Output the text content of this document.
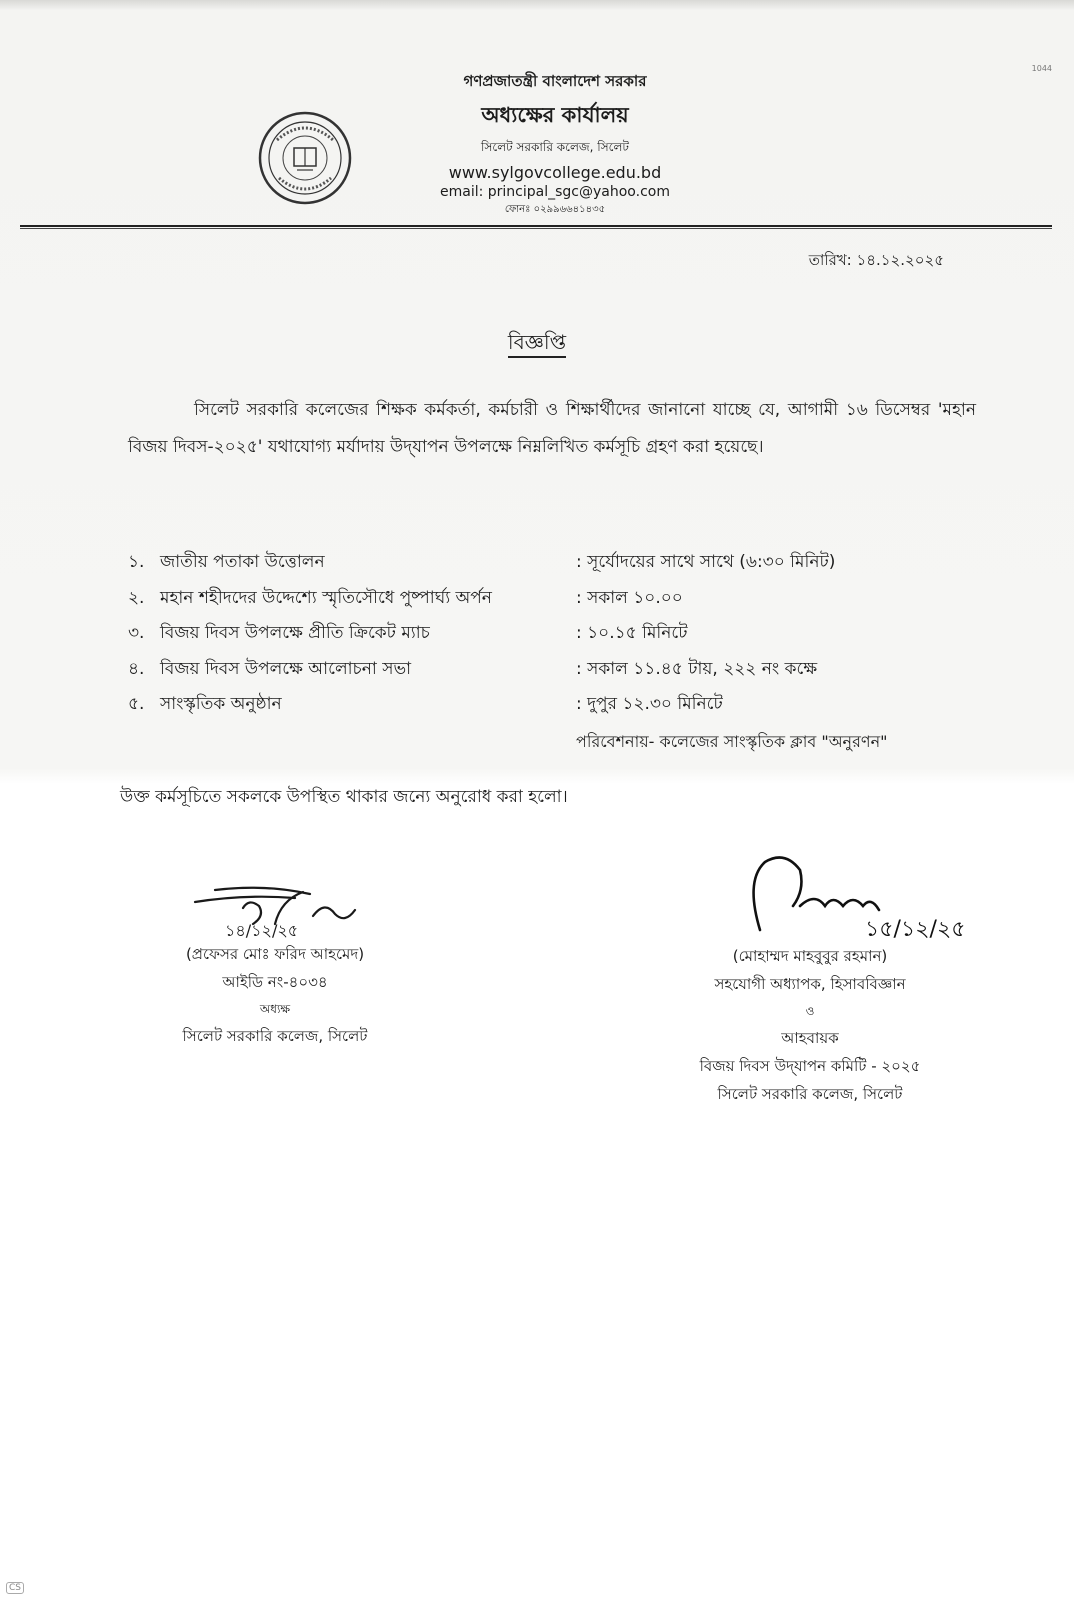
1044
গণপ্রজাতন্ত্রী বাংলাদেশ সরকার
অধ্যক্ষের কার্যালয়
সিলেট সরকারি কলেজ, সিলেট
www.sylgovcollege.edu.bd
email: principal_sgc@yahoo.com
ফোনঃ ০২৯৯৬৬৪১৪৩৫
তারিখ: ১৪.১২.২০২৫
বিজ্ঞপ্তি
সিলেট সরকারি কলেজের শিক্ষক কর্মকর্তা, কর্মচারী ও শিক্ষার্থীদের জানানো যাচ্ছে যে, আগামী ১৬ ডিসেম্বর 'মহান বিজয় দিবস-২০২৫' যথাযোগ্য মর্যাদায় উদ্‌যাপন উপলক্ষে নিম্নলিখিত কর্মসূচি গ্রহণ করা হয়েছে।
১. জাতীয় পতাকা উত্তোলন	: সূর্যোদয়ের সাথে সাথে (৬:৩০ মিনিট)
২. মহান শহীদদের উদ্দেশ্যে স্মৃতিসৌধে পুষ্পার্ঘ্য অর্পন	: সকাল ১০.০০
৩. বিজয় দিবস উপলক্ষে প্রীতি ক্রিকেট ম্যাচ	: ১০.১৫ মিনিটে
৪. বিজয় দিবস উপলক্ষে আলোচনা সভা	: সকাল ১১.৪৫ টায়, ২২২ নং কক্ষে
৫. সাংস্কৃতিক অনুষ্ঠান	: দুপুর ১২.৩০ মিনিটে
পরিবেশনায়- কলেজের সাংস্কৃতিক ক্লাব "অনুরণন"
উক্ত কর্মসূচিতে সকলকে উপস্থিত থাকার জন্যে অনুরোধ করা হলো।
১৪/১২/২৫
(প্রফেসর মোঃ ফরিদ আহমেদ)
আইডি নং-৪০৩৪
অধ্যক্ষ
সিলেট সরকারি কলেজ, সিলেট
১৫/১২/২৫
(মোহাম্মদ মাহবুবুর রহমান)
সহযোগী অধ্যাপক, হিসাববিজ্ঞান
ও
আহবায়ক
বিজয় দিবস উদ্‌যাপন কমিটি - ২০২৫
সিলেট সরকারি কলেজ, সিলেট
CS
